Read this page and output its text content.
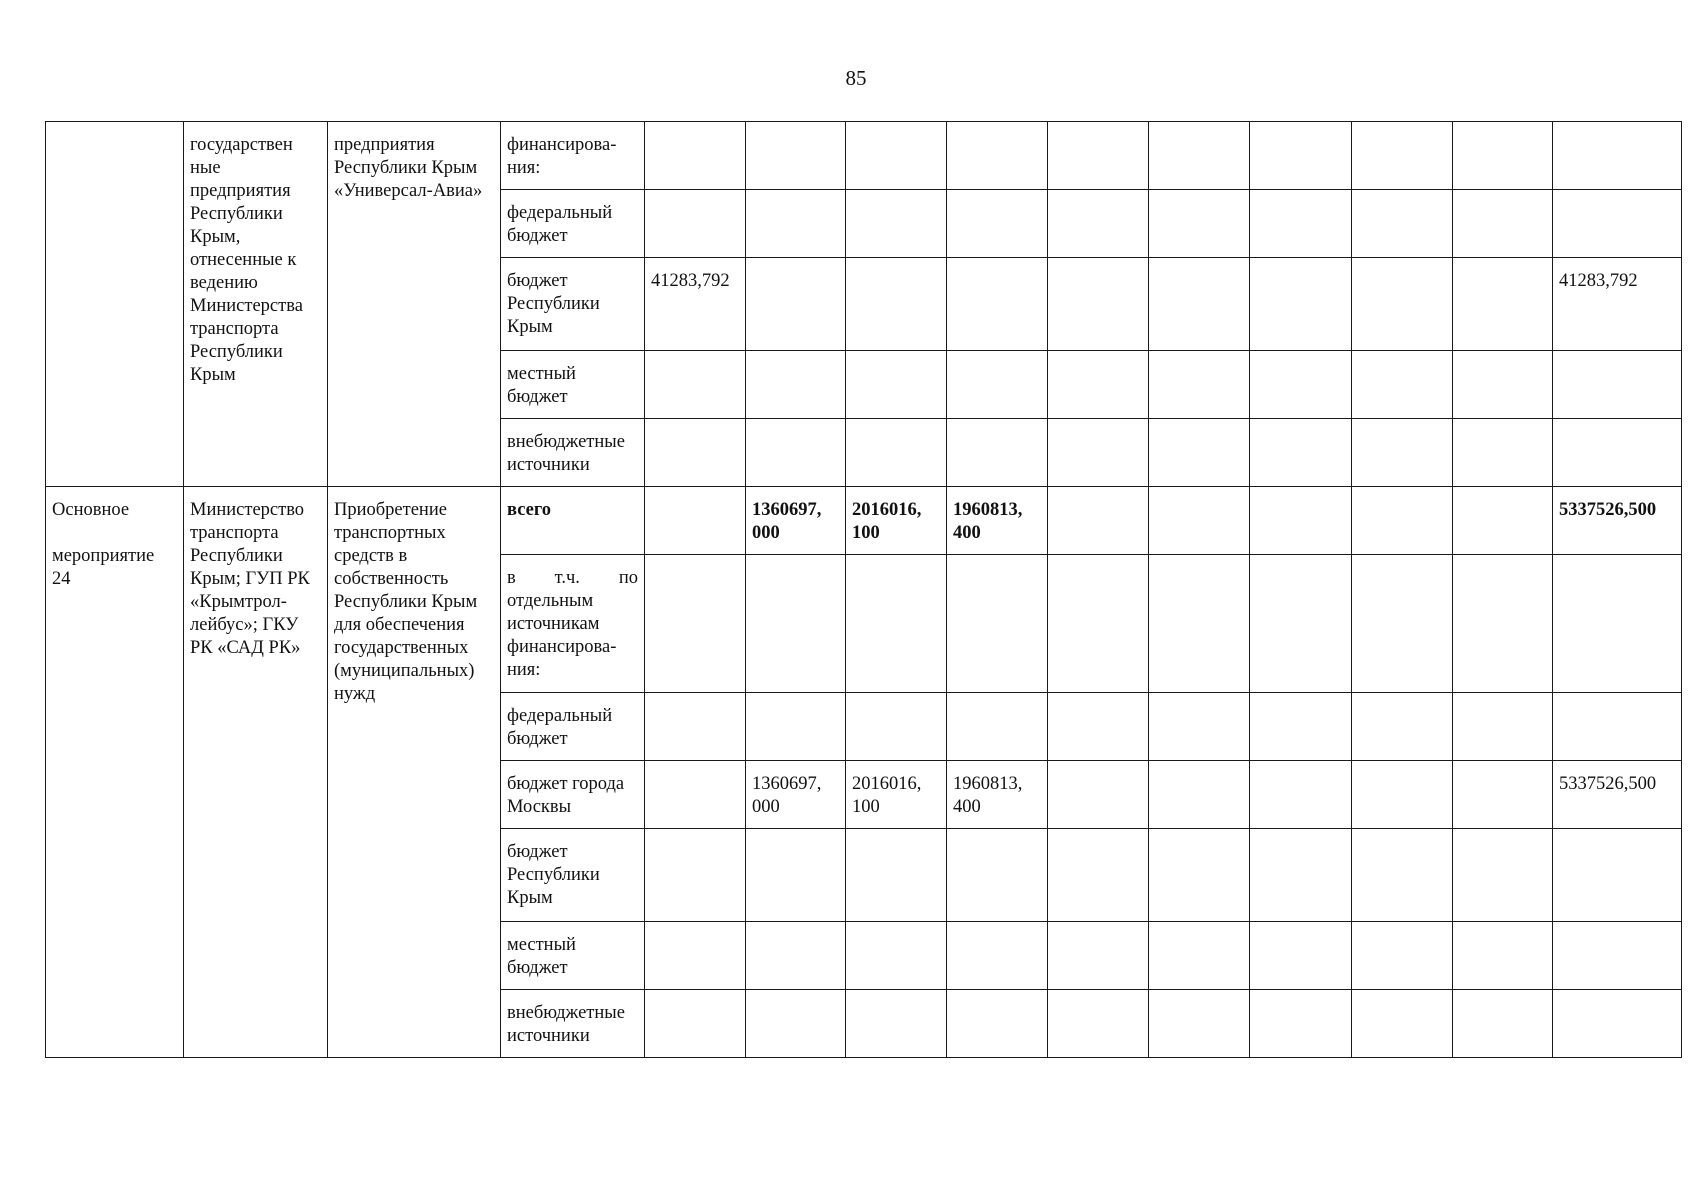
85
	государствен ные предприятия Республики Крым, отнесенные к ведению Министерства транспорта Республики Крым	предприятия Республики Крым «Универсал-Авиа»	финансирова-ния:										
			федеральный бюджет										
			бюджет Республики Крым	41283,792									41283,792
			местный бюджет										
			внебюджетные источники										

Основное
мероприятие 24	Министерство транспорта Республики Крым; ГУП РК «Крымтрол-лейбус»; ГКУ РК «САД РК»	Приобретение транспортных средств в собственность Республики Крым для обеспечения государственных (муниципальных) нужд	всего		1360697, 000	2016016, 100	1960813, 400						5337526,500

			в т.ч. по
отдельным источникам финансирова-ния:										

			федеральный бюджет										
			бюджет города Москвы		1360697, 000	2016016, 100	1960813, 400						5337526,500
			бюджет Республики Крым										
			местный бюджет										
			внебюджетные источники										
